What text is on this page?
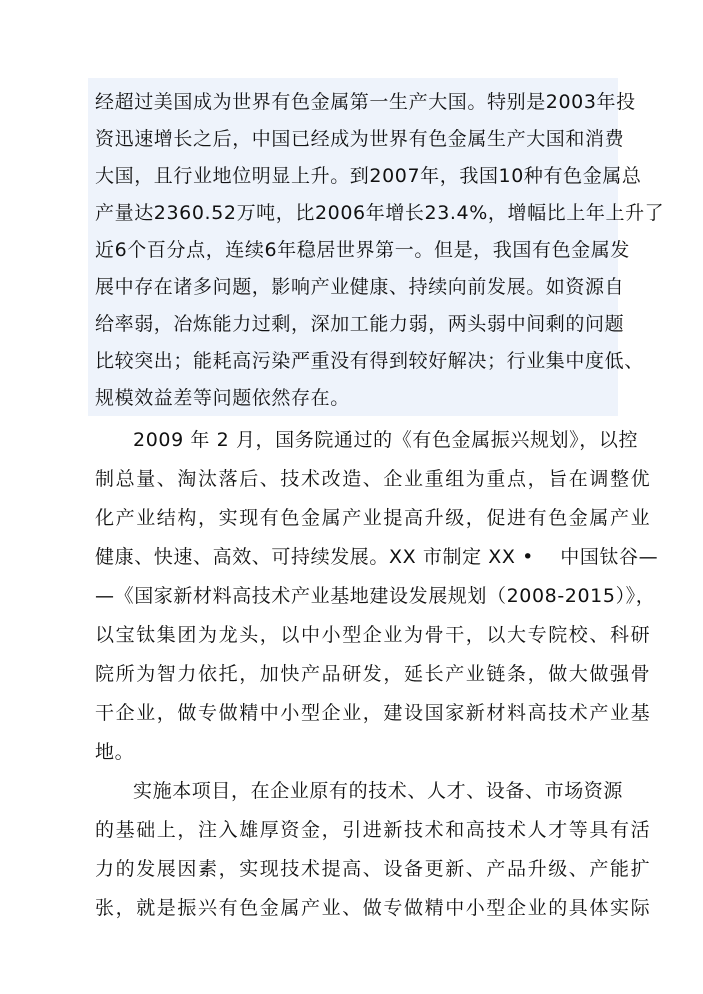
经超过美国成为世界有色金属第一生产大国。特别是2003年投
资迅速增长之后，中国已经成为世界有色金属生产大国和消费
大国，且行业地位明显上升。到2007年，我国10种有色金属总
产量达2360.52万吨，比2006年增长23.4%，增幅比上年上升了
近6个百分点，连续6年稳居世界第一。但是，我国有色金属发
展中存在诸多问题，影响产业健康、持续向前发展。如资源自
给率弱，冶炼能力过剩，深加工能力弱，两头弱中间剩的问题
比较突出；能耗高污染严重没有得到较好解决；行业集中度低、
规模效益差等问题依然存在。
2009 年 2 月，国务院通过的《有色金属振兴规划》，以控
制总量、淘汰落后、技术改造、企业重组为重点，旨在调整优
化产业结构，实现有色金属产业提高升级，促进有色金属产业
健康、快速、高效、可持续发展。XX 市制定 XX •　 中国钛谷—
—《国家新材料高技术产业基地建设发展规划（2008-2015）》，
以宝钛集团为龙头，以中小型企业为骨干，以大专院校、科研
院所为智力依托，加快产品研发，延长产业链条，做大做强骨
干企业，做专做精中小型企业，建设国家新材料高技术产业基
地。
实施本项目，在企业原有的技术、人才、设备、市场资源
的基础上，注入雄厚资金，引进新技术和高技术人才等具有活
力的发展因素，实现技术提高、设备更新、产品升级、产能扩
张，就是振兴有色金属产业、做专做精中小型企业的具体实际
